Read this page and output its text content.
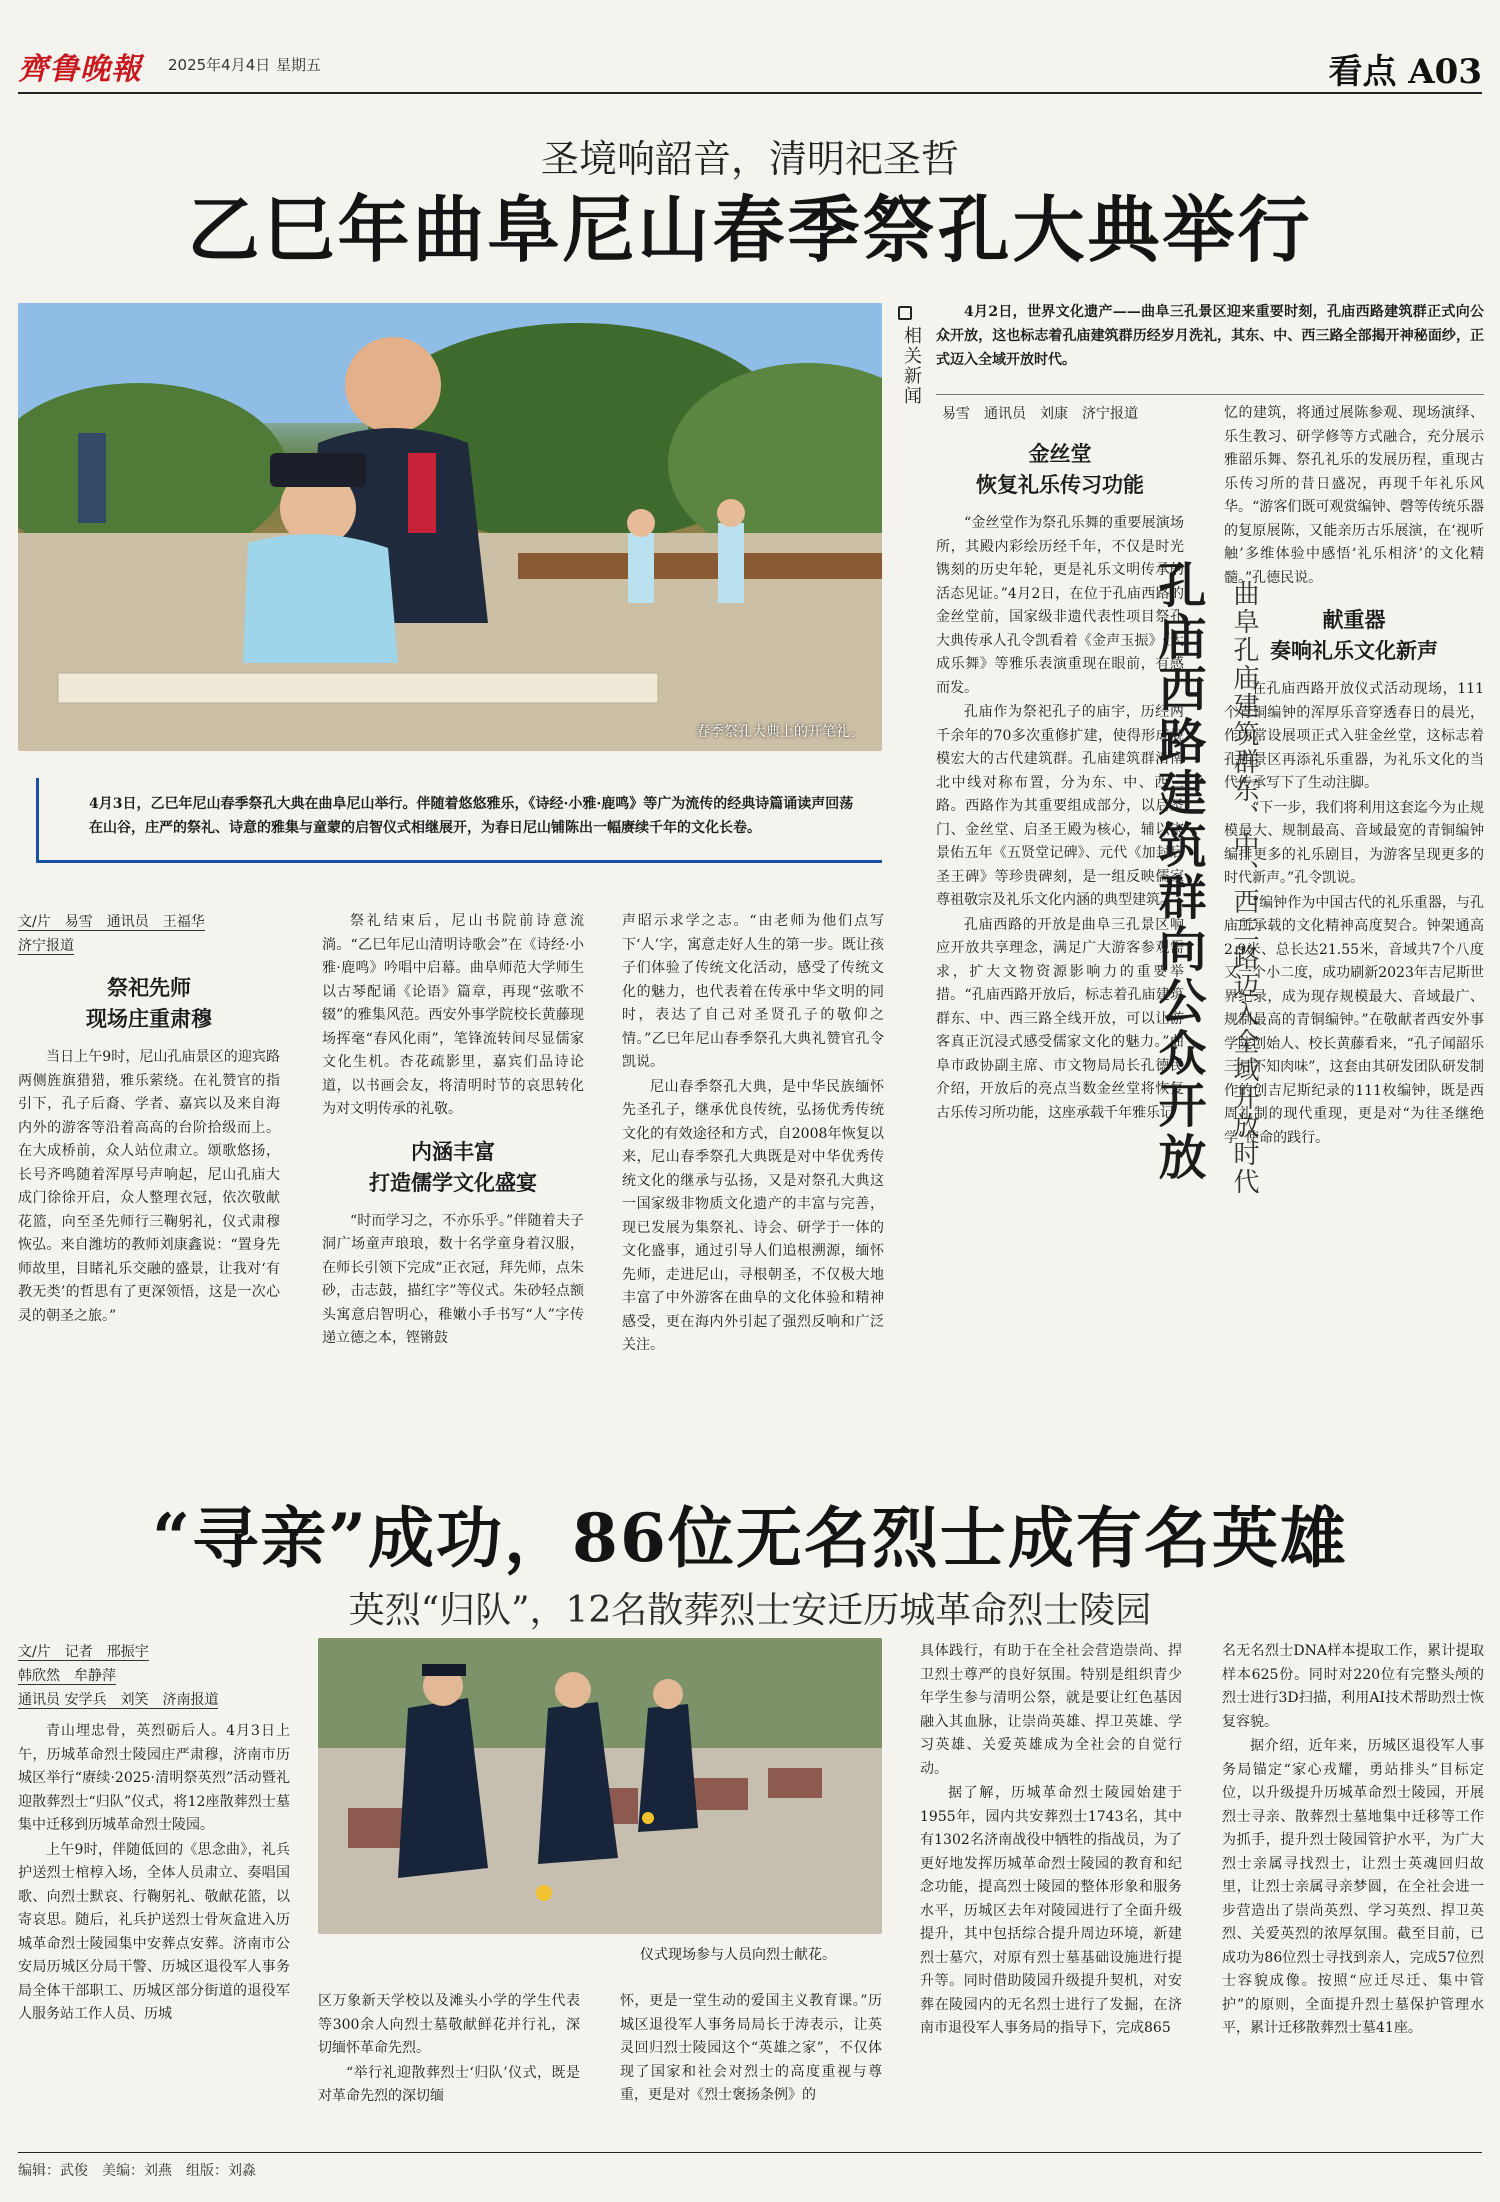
齊鲁晚報 2025年4月4日 星期五	看点 A03
圣境响韶音，清明祀圣哲
乙巳年曲阜尼山春季祭孔大典举行
春季祭孔大典上的开笔礼。
4月3日，乙巳年尼山春季祭孔大典在曲阜尼山举行。伴随着悠悠雅乐，《诗经·小雅·鹿鸣》等广为流传的经典诗篇诵读声回荡在山谷，庄严的祭礼、诗意的雅集与童蒙的启智仪式相继展开，为春日尼山铺陈出一幅赓续千年的文化长卷。
文/片　易雪　通讯员　王福华
济宁报道
祭祀先师
现场庄重肃穆

当日上午9时，尼山孔庙景区的迎宾路两侧旌旗猎猎，雅乐萦绕。在礼赞官的指引下，孔子后裔、学者、嘉宾以及来自海内外的游客等沿着高高的台阶拾级而上。在大成桥前，众人站位肃立。颂歌悠扬，长号齐鸣随着浑厚号声响起，尼山孔庙大成门徐徐开启，众人整理衣冠，依次敬献花篮，向至圣先师行三鞠躬礼，仪式肃穆恢弘。来自潍坊的教师刘康鑫说：“置身先师故里，目睹礼乐交融的盛景，让我对‘有教无类’的哲思有了更深领悟，这是一次心灵的朝圣之旅。”

祭礼结束后，尼山书院前诗意流淌。“乙巳年尼山清明诗歌会”在《诗经·小雅·鹿鸣》吟唱中启幕。曲阜师范大学师生以古琴配诵《论语》篇章，再现“弦歌不辍”的雅集风范。西安外事学院校长黄藤现场挥毫“春风化雨”，笔锋流转间尽显儒家文化生机。杏花疏影里，嘉宾们品诗论道，以书画会友，将清明时节的哀思转化为对文明传承的礼敬。

内涵丰富
打造儒学文化盛宴

“时而学习之，不亦乐乎。”伴随着夫子洞广场童声琅琅，数十名学童身着汉服，在师长引领下完成“正衣冠，拜先师，点朱砂，击志鼓，描红字”等仪式。朱砂轻点额头寓意启智明心，稚嫩小手书写“人”字传递立德之本，铿锵鼓

声昭示求学之志。“由老师为他们点写下‘人’字，寓意走好人生的第一步。既让孩子们体验了传统文化活动，感受了传统文化的魅力，也代表着在传承中华文明的同时，表达了自己对圣贤孔子的敬仰之情。”乙巳年尼山春季祭孔大典礼赞官孔令凯说。

尼山春季祭孔大典，是中华民族缅怀先圣孔子，继承优良传统，弘扬优秀传统文化的有效途径和方式，自2008年恢复以来，尼山春季祭孔大典既是对中华优秀传统文化的继承与弘扬，又是对祭孔大典这一国家级非物质文化遗产的丰富与完善，现已发展为集祭礼、诗会、研学于一体的文化盛事，通过引导人们追根溯源，缅怀先师，走进尼山，寻根朝圣，不仅极大地丰富了中外游客在曲阜的文化体验和精神感受，更在海内外引起了强烈反响和广泛关注。

相关新闻
4月2日，世界文化遗产——曲阜三孔景区迎来重要时刻，孔庙西路建筑群正式向公众开放，这也标志着孔庙建筑群历经岁月洗礼，其东、中、西三路全部揭开神秘面纱，正式迈入全域开放时代。
易雪　通讯员　刘康　济宁报道
金丝堂
恢复礼乐传习功能

“金丝堂作为祭孔乐舞的重要展演场所，其殿内彩绘历经千年，不仅是时光镌刻的历史年轮，更是礼乐文明传承的活态见证。”4月2日，在位于孔庙西路的金丝堂前，国家级非遗代表性项目祭孔大典传承人孔令凯看着《金声玉振》《大成乐舞》等雅乐表演重现在眼前，有感而发。

孔庙作为祭祀孔子的庙宇，历经两千余年的70多次重修扩建，使得形成规模宏大的古代建筑群。孔庙建筑群沿南北中线对称布置，分为东、中、西三路。西路作为其重要组成部分，以启圣门、金丝堂、启圣王殿为核心，辅以宋景佑五年《五贤堂记碑》、元代《加封启圣王碑》等珍贵碑刻，是一组反映儒家尊祖敬宗及礼乐文化内涵的典型建筑。

孔庙西路的开放是曲阜三孔景区响应开放共享理念，满足广大游客参观需求，扩大文物资源影响力的重要举措。“孔庙西路开放后，标志着孔庙建筑群东、中、西三路全线开放，可以让游客真正沉浸式感受儒家文化的魅力。”曲阜市政协副主席、市文物局局长孔德民介绍，开放后的亮点当数金丝堂将恢复古乐传习所功能，这座承载千年雅乐记

孔庙西路建筑群向公众开放 曲阜孔庙建筑群东、中、西三路迈入全域开放时代

忆的建筑，将通过展陈参观、现场演绎、乐生教习、研学修等方式融合，充分展示雅韶乐舞、祭孔礼乐的发展历程，重现古乐传习所的昔日盛况，再现千年礼乐风华。“游客们既可观赏编钟、磬等传统乐器的复原展陈，又能亲历古乐展演，在‘视听触’多维体验中感悟‘礼乐相济’的文化精髓。”孔德民说。

献重器
奏响礼乐文化新声

在孔庙西路开放仪式活动现场，111个青铜编钟的浑厚乐音穿透春日的晨光，作为常设展项正式入驻金丝堂，这标志着孔庙景区再添礼乐重器，为礼乐文化的当代传承写下了生动注脚。

“下一步，我们将利用这套迄今为止规模最大、规制最高、音域最宽的青铜编钟编排更多的礼乐剧目，为游客呈现更多的时代新声。”孔令凯说。

“编钟作为中国古代的礼乐重器，与孔庙所承载的文化精神高度契合。钟架通高2.9米、总长达21.55米，音域共7个八度又一个小二度，成功刷新2023年吉尼斯世界纪录，成为现存规模最大、音域最广、规制最高的青铜编钟。”在敬献者西安外事学院创始人、校长黄藤看来，“孔子闻韶乐三月不知肉味”，这套由其研发团队研发制作的创吉尼斯纪录的111枚编钟，既是西周礼制的现代重现，更是对“为往圣继绝学”使命的践行。

“寻亲”成功，86位无名烈士成有名英雄
英烈“归队”，12名散葬烈士安迁历城革命烈士陵园
文/片　记者　邢振宇
韩欣然　牟静萍
通讯员 安学兵　刘笑　济南报道

青山埋忠骨，英烈砺后人。4月3日上午，历城革命烈士陵园庄严肃穆，济南市历城区举行“赓续·2025·清明祭英烈”活动暨礼迎散葬烈士“归队”仪式，将12座散葬烈士墓集中迁移到历城革命烈士陵园。

上午9时，伴随低回的《思念曲》，礼兵护送烈士棺椁入场，全体人员肃立、奏唱国歌、向烈士默哀、行鞠躬礼、敬献花篮，以寄哀思。随后，礼兵护送烈士骨灰盒进入历城革命烈士陵园集中安葬点安葬。济南市公安局历城区分局干警、历城区退役军人事务局全体干部职工、历城区部分街道的退役军人服务站工作人员、历城

仪式现场参与人员向烈士献花。

区万象新天学校以及滩头小学的学生代表等300余人向烈士墓敬献鲜花并行礼，深切缅怀革命先烈。

“举行礼迎散葬烈士‘归队’仪式，既是对革命先烈的深切缅

怀，更是一堂生动的爱国主义教育课。”历城区退役军人事务局局长于涛表示，让英灵回归烈士陵园这个“英雄之家”，不仅体现了国家和社会对烈士的高度重视与尊重，更是对《烈士褒扬条例》的

具体践行，有助于在全社会营造崇尚、捍卫烈士尊严的良好氛围。特别是组织青少年学生参与清明公祭，就是要让红色基因融入其血脉，让崇尚英雄、捍卫英雄、学习英雄、关爱英雄成为全社会的自觉行动。

据了解，历城革命烈士陵园始建于1955年，园内共安葬烈士1743名，其中有1302名济南战役中牺牲的指战员，为了更好地发挥历城革命烈士陵园的教育和纪念功能，提高烈士陵园的整体形象和服务水平，历城区去年对陵园进行了全面升级提升，其中包括综合提升周边环境，新建烈士墓穴，对原有烈士墓基础设施进行提升等。同时借助陵园升级提升契机，对安葬在陵园内的无名烈士进行了发掘，在济南市退役军人事务局的指导下，完成865

名无名烈士DNA样本提取工作，累计提取样本625份。同时对220位有完整头颅的烈士进行3D扫描，利用AI技术帮助烈士恢复容貌。

据介绍，近年来，历城区退役军人事务局锚定“家心戎耀，勇站排头”目标定位，以升级提升历城革命烈士陵园，开展烈士寻亲、散葬烈士墓地集中迁移等工作为抓手，提升烈士陵园管护水平，为广大烈士亲属寻找烈士，让烈士英魂回归故里，让烈士亲属寻亲梦圆，在全社会进一步营造出了崇尚英烈、学习英烈、捍卫英烈、关爱英烈的浓厚氛围。截至目前，已成功为86位烈士寻找到亲人，完成57位烈士容貌成像。按照“应迁尽迁、集中管护”的原则，全面提升烈士墓保护管理水平，累计迁移散葬烈士墓41座。

编辑：武俊　美编：刘燕　组版：刘淼
